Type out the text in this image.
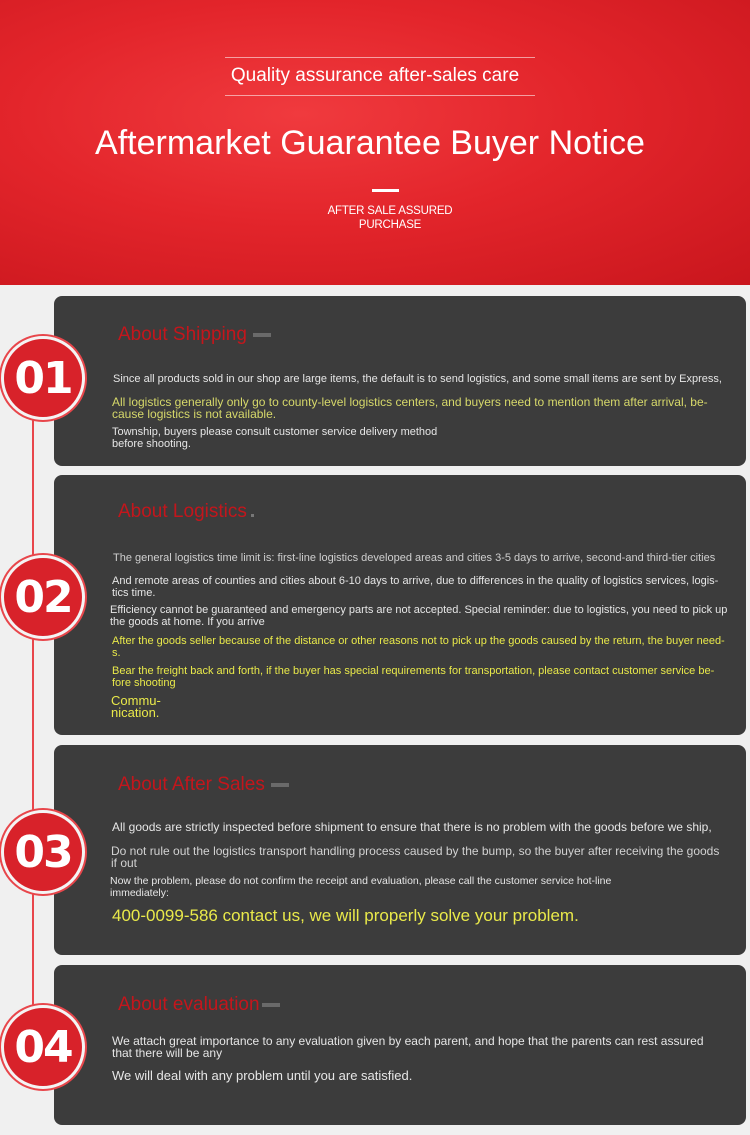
Quality assurance after-sales care
Aftermarket Guarantee Buyer Notice
AFTER SALE ASSURED
PURCHASE
About Shipping
Since all products sold in our shop are large items, the default is to send logistics, and some small items are sent by Express,
All logistics generally only go to county-level logistics centers, and buyers need to mention them after arrival, be-cause logistics is not available.
Township, buyers please consult customer service delivery method before shooting.
01
About Logistics
The general logistics time limit is: first-line logistics developed areas and cities 3-5 days to arrive, second-and third-tier cities
And remote areas of counties and cities about 6-10 days to arrive, due to differences in the quality of logistics services, logis-tics time.
Efficiency cannot be guaranteed and emergency parts are not accepted. Special reminder: due to logistics, you need to pick up the goods at home. If you arrive
After the goods seller because of the distance or other reasons not to pick up the goods caused by the return, the buyer need-s.
Bear the freight back and forth, if the buyer has special requirements for transportation, please contact customer service be-fore shooting
Commu-nication.
02
About After Sales
All goods are strictly inspected before shipment to ensure that there is no problem with the goods before we ship,
Do not rule out the logistics transport handling process caused by the bump, so the buyer after receiving the goods if out
Now the problem, please do not confirm the receipt and evaluation, please call the customer service hot-line immediately:
400-0099-586 contact us, we will properly solve your problem.
03
About evaluation
We attach great importance to any evaluation given by each parent, and hope that the parents can rest assured that there will be any
We will deal with any problem until you are satisfied.
04
